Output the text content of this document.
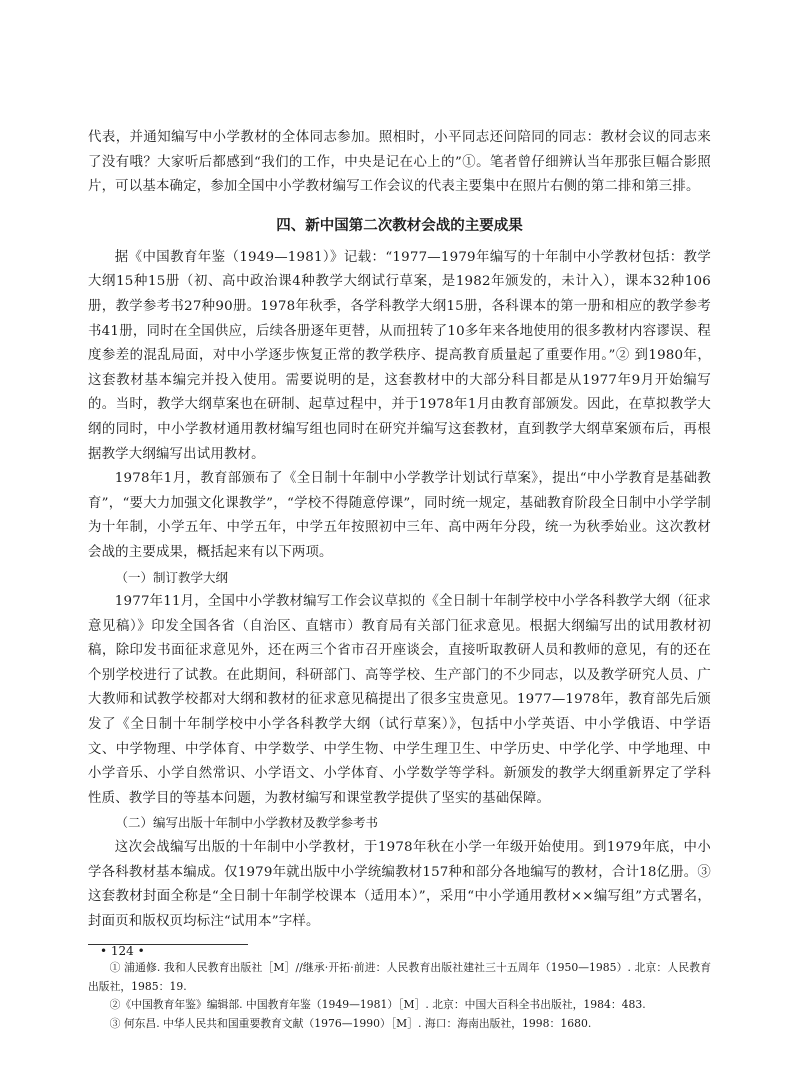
代表，并通知编写中小学教材的全体同志参加。照相时，小平同志还问陪同的同志：教材会议的同志来了没有哦？大家听后都感到“我们的工作，中央是记在心上的”①。笔者曾仔细辨认当年那张巨幅合影照片，可以基本确定，参加全国中小学教材编写工作会议的代表主要集中在照片右侧的第二排和第三排。

四、新中国第二次教材会战的主要成果

据《中国教育年鉴（1949—1981）》记载：“1977—1979年编写的十年制中小学教材包括：教学大纲15种15册（初、高中政治课4种教学大纲试行草案，是1982年颁发的，未计入），课本32种106册，教学参考书27种90册。1978年秋季，各学科教学大纲15册，各科课本的第一册和相应的教学参考书41册，同时在全国供应，后续各册逐年更替，从而扭转了10多年来各地使用的很多教材内容谬误、程度参差的混乱局面，对中小学逐步恢复正常的教学秩序、提高教育质量起了重要作用。”② 到1980年，这套教材基本编完并投入使用。需要说明的是，这套教材中的大部分科目都是从1977年9月开始编写的。当时，教学大纲草案也在研制、起草过程中，并于1978年1月由教育部颁发。因此，在草拟教学大纲的同时，中小学教材通用教材编写组也同时在研究并编写这套教材，直到教学大纲草案颁布后，再根据教学大纲编写出试用教材。

1978年1月，教育部颁布了《全日制十年制中小学教学计划试行草案》，提出“中小学教育是基础教育”，“要大力加强文化课教学”，“学校不得随意停课”，同时统一规定，基础教育阶段全日制中小学学制为十年制，小学五年、中学五年，中学五年按照初中三年、高中两年分段，统一为秋季始业。这次教材会战的主要成果，概括起来有以下两项。

（一）制订教学大纲

1977年11月，全国中小学教材编写工作会议草拟的《全日制十年制学校中小学各科教学大纲（征求意见稿）》印发全国各省（自治区、直辖市）教育局有关部门征求意见。根据大纲编写出的试用教材初稿，除印发书面征求意见外，还在两三个省市召开座谈会，直接听取教研人员和教师的意见，有的还在个别学校进行了试教。在此期间，科研部门、高等学校、生产部门的不少同志，以及教学研究人员、广大教师和试教学校都对大纲和教材的征求意见稿提出了很多宝贵意见。1977—1978年，教育部先后颁发了《全日制十年制学校中小学各科教学大纲（试行草案）》，包括中小学英语、中小学俄语、中学语文、中学物理、中学体育、中学数学、中学生物、中学生理卫生、中学历史、中学化学、中学地理、中小学音乐、小学自然常识、小学语文、小学体育、小学数学等学科。新颁发的教学大纲重新界定了学科性质、教学目的等基本问题，为教材编写和课堂教学提供了坚实的基础保障。

（二）编写出版十年制中小学教材及教学参考书

这次会战编写出版的十年制中小学教材，于1978年秋在小学一年级开始使用。到1979年底，中小学各科教材基本编成。仅1979年就出版中小学统编教材157种和部分各地编写的教材，合计18亿册。③ 这套教材封面全称是“全日制十年制学校课本（适用本）”，采用“中小学通用教材××编写组”方式署名，封面页和版权页均标注“试用本”字样。

① 浦通修. 我和人民教育出版社［M］//继承·开拓·前进：人民教育出版社建社三十五周年（1950—1985）. 北京：人民教育出版社，1985：19.

②《中国教育年鉴》编辑部. 中国教育年鉴（1949—1981）［M］. 北京：中国大百科全书出版社，1984：483.

③ 何东昌. 中华人民共和国重要教育文献（1976—1990）［M］. 海口：海南出版社，1998：1680.

• 124 •
